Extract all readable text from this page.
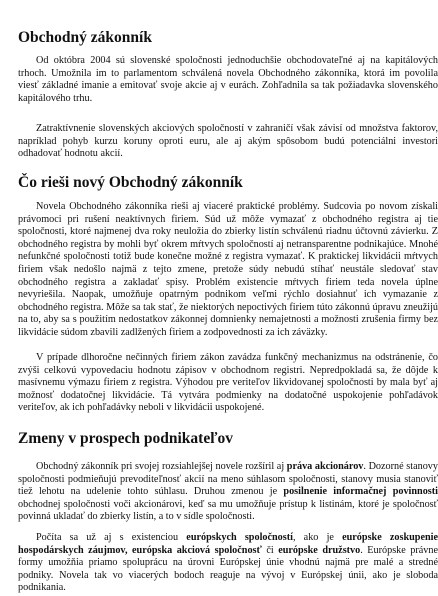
Obchodný zákonník

Od októbra 2004 sú slovenské spoločnosti jednoduchšie obchodovateľné aj na kapitálových trhoch. Umožnila im to parlamentom schválená novela Obchodného zákonníka, ktorá im povolila viesť základné imanie a emitovať svoje akcie aj v eurách. Zohľadnila sa tak požiadavka slovenského kapitálového trhu.

Zatraktívnenie slovenských akciových spoločností v zahraničí však závisí od množstva faktorov, napríklad pohyb kurzu koruny oproti euru, ale aj akým spôsobom budú potenciálni investori odhadovať hodnotu akcií.

Čo rieši nový Obchodný zákonník

Novela Obchodného zákonníka rieši aj viaceré praktické problémy. Sudcovia po novom získali právomoci pri rušení neaktívnych firiem. Súd už môže vymazať z obchodného registra aj tie spoločnosti, ktoré najmenej dva roky neuložia do zbierky listín schválenú riadnu účtovnú závierku. Z obchodného registra by mohli byť okrem mŕtvych spoločností aj netransparentne podnikajúce. Mnohé nefunkčné spoločnosti totiž bude konečne možné z registra vymazať. K praktickej likvidácii mŕtvych firiem však nedošlo najmä z tejto zmene, pretože súdy nebudú stíhať neustále sledovať stav obchodného registra a zakladať spisy. Problém existencie mŕtvych firiem teda novela úplne nevyriešila. Naopak, umožňuje opatrným podnikom veľmi rýchlo dosiahnuť ich vymazanie z obchodného registra. Môže sa tak stať, že niektorých nepoctivých firiem túto zákonnú úpravu zneužijú na to, aby sa s použitím nedostatkov zákonnej domnienky nemajetnosti a možnosti zrušenia firmy bez likvidácie súdom zbavili zadlžených firiem a zodpovednosti za ich záväzky.

V prípade dlhoročne nečinných firiem zákon zavádza funkčný mechanizmus na odstránenie, čo zvýši celkovú vypovedaciu hodnotu zápisov v obchodnom registri. Nepredpokladá sa, že dôjde k masívnemu výmazu firiem z registra. Výhodou pre veriteľov likvidovanej spoločnosti by mala byť aj možnosť dodatočnej likvidácie. Tá vytvára podmienky na dodatočné uspokojenie pohľadávok veriteľov, ak ich pohľadávky neboli v likvidácii uspokojené.

Zmeny v prospech podnikateľov

Obchodný zákonník pri svojej rozsiahlejšej novele rozšíril aj práva akcionárov. Dozorné stanovy spoločnosti podmieňujú prevoditeľnosť akcií na meno súhlasom spoločnosti, stanovy musia stanoviť tiež lehotu na udelenie tohto súhlasu. Druhou zmenou je posilnenie informačnej povinnosti obchodnej spoločnosti voči akcionárovi, keď sa mu umožňuje prístup k listinám, ktoré je spoločnosť povinná ukladať do zbierky listín, a to v sídle spoločnosti.

Počíta sa už aj s existenciou európskych spoločností, ako je európske zoskupenie hospodárskych záujmov, európska akciová spoločnosť či európske družstvo. Európske právne formy umožňia priamo spoluprácu na úrovni Európskej únie vhodnú najmä pre malé a stredné podniky. Novela tak vo viacerých bodoch reaguje na vývoj v Európskej únii, ako je sloboda podnikania.
